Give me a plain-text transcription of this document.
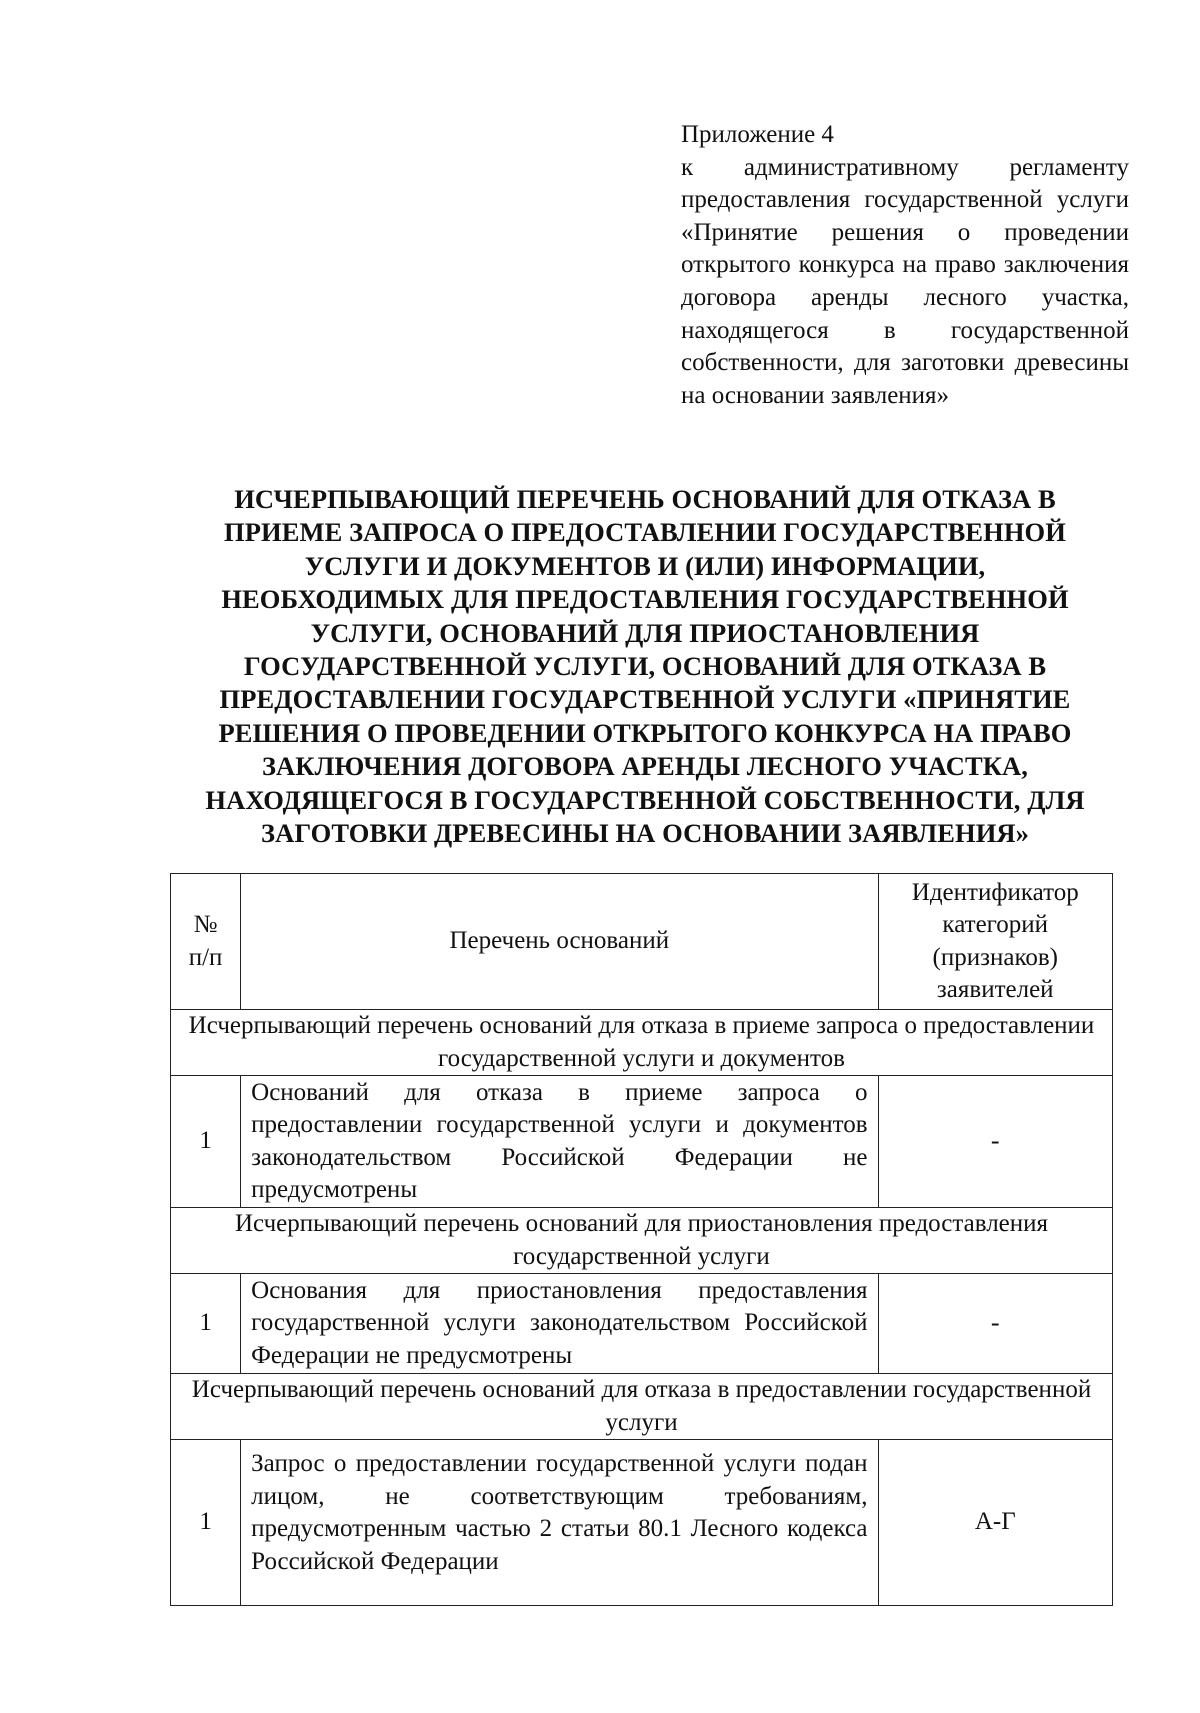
Приложение 4
к административному регламенту предоставления государственной услуги «Принятие решения о проведении открытого конкурса на право заключения договора аренды лесного участка, находящегося в государственной собственности, для заготовки древесины на основании заявления»
ИСЧЕРПЫВАЮЩИЙ ПЕРЕЧЕНЬ ОСНОВАНИЙ ДЛЯ ОТКАЗА В
ПРИЕМЕ ЗАПРОСА О ПРЕДОСТАВЛЕНИИ ГОСУДАРСТВЕННОЙ
УСЛУГИ И ДОКУМЕНТОВ И (ИЛИ) ИНФОРМАЦИИ,
НЕОБХОДИМЫХ ДЛЯ ПРЕДОСТАВЛЕНИЯ ГОСУДАРСТВЕННОЙ
УСЛУГИ, ОСНОВАНИЙ ДЛЯ ПРИОСТАНОВЛЕНИЯ
ГОСУДАРСТВЕННОЙ УСЛУГИ, ОСНОВАНИЙ ДЛЯ ОТКАЗА В
ПРЕДОСТАВЛЕНИИ ГОСУДАРСТВЕННОЙ УСЛУГИ «ПРИНЯТИЕ
РЕШЕНИЯ О ПРОВЕДЕНИИ ОТКРЫТОГО КОНКУРСА НА ПРАВО
ЗАКЛЮЧЕНИЯ ДОГОВОРА АРЕНДЫ ЛЕСНОГО УЧАСТКА,
НАХОДЯЩЕГОСЯ В ГОСУДАРСТВЕННОЙ СОБСТВЕННОСТИ, ДЛЯ
ЗАГОТОВКИ ДРЕВЕСИНЫ НА ОСНОВАНИИ ЗАЯВЛЕНИЯ»
№ п/п	Перечень оснований	Идентификатор категорий (признаков) заявителей
Исчерпывающий перечень оснований для отказа в приеме запроса о предоставлении государственной услуги и документов		
1	Оснований для отказа в приеме запроса о предоставлении государственной услуги и документов законодательством Российской Федерации не предусмотрены	-
Исчерпывающий перечень оснований для приостановления предоставления государственной услуги		
1	Основания для приостановления предоставления государственной услуги законодательством Российской Федерации не предусмотрены	-
Исчерпывающий перечень оснований для отказа в предоставлении государственной услуги		
1	Запрос о предоставлении государственной услуги подан лицом, не соответствующим требованиям, предусмотренным частью 2 статьи 80.1 Лесного кодекса Российской Федерации	А-Г
